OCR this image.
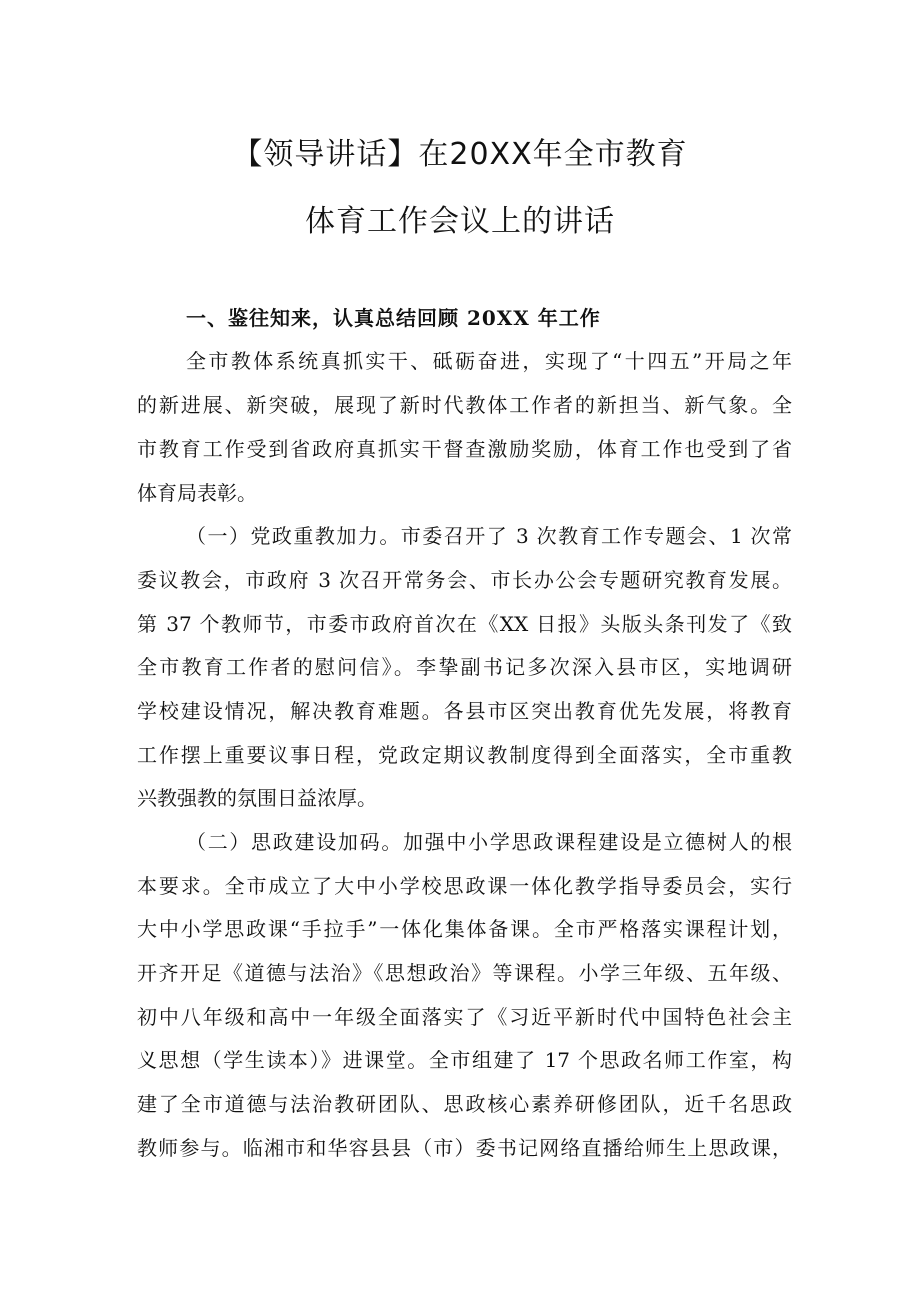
【领导讲话】在20XX年全市教育
体育工作会议上的讲话
一、鉴往知来，认真总结回顾 20XX 年工作
全市教体系统真抓实干、砥砺奋进，实现了“十四五”开局之年
的新进展、新突破，展现了新时代教体工作者的新担当、新气象。全
市教育工作受到省政府真抓实干督查激励奖励，体育工作也受到了省
体育局表彰。
（一）党政重教加力。市委召开了 3 次教育工作专题会、1 次常
委议教会，市政府 3 次召开常务会、市长办公会专题研究教育发展。
第 37 个教师节，市委市政府首次在《XX 日报》头版头条刊发了《致
全市教育工作者的慰问信》。李挚副书记多次深入县市区，实地调研
学校建设情况，解决教育难题。各县市区突出教育优先发展，将教育
工作摆上重要议事日程，党政定期议教制度得到全面落实，全市重教
兴教强教的氛围日益浓厚。
（二）思政建设加码。加强中小学思政课程建设是立德树人的根
本要求。全市成立了大中小学校思政课一体化教学指导委员会，实行
大中小学思政课“手拉手”一体化集体备课。全市严格落实课程计划，
开齐开足《道德与法治》《思想政治》等课程。小学三年级、五年级、
初中八年级和高中一年级全面落实了《习近平新时代中国特色社会主
义思想（学生读本）》进课堂。全市组建了 17 个思政名师工作室，构
建了全市道德与法治教研团队、思政核心素养研修团队，近千名思政
教师参与。临湘市和华容县县（市）委书记网络直播给师生上思政课，
